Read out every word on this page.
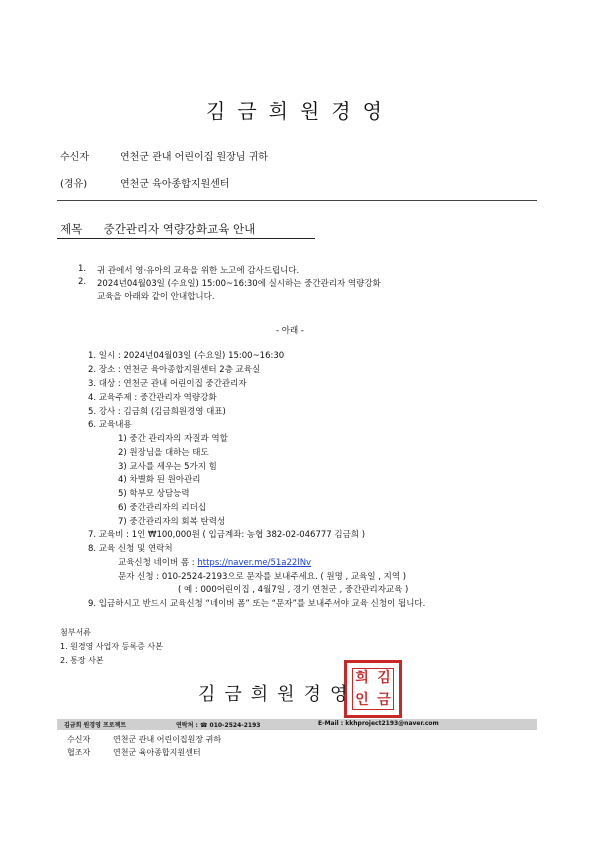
김금희원경영
수신자	연천군 관내 어린이집 원장님 귀하
(경유)	연천군 육아종합지원센터
제목 중간관리자 역량강화교육 안내
1. 귀 관에서 영·유아의 교육을 위한 노고에 감사드립니다.
2. 2024년04월03일 (수요일) 15:00~16:30에 실시하는 중간관리자 역량강화
교육을 아래와 같이 안내합니다.
- 아래 -
1. 일시 : 2024년04월03일 (수요일) 15:00~16:30
2. 장소 : 연천군 육아종합지원센터 2층 교육실
3. 대상 : 연천군 관내 어린이집 중간관리자
4. 교육주제 : 중간관리자 역량강화
5. 강사 : 김금희 (김금희원경영 대표)
6. 교육내용
1) 중간 관리자의 자질과 역할
2) 원장님을 대하는 태도
3) 교사를 세우는 5가지 힘
4) 차별화 된 원아관리
5) 학부모 상담능력
6) 중간관리자의 리더십
7) 중간관리자의 회복 탄력성
7. 교육비 : 1인 ₩100,000원 ( 입금계좌: 농협 382-02-046777 김금희 )
8. 교육 신청 및 연락처
교육신청 네이버 폼 : https://naver.me/51a22lNv
문자 신청 : 010-2524-2193으로 문자를 보내주세요. ( 원명 , 교육일 , 지역 )
( 예 : 000어린이집 , 4월7일 , 경기 연천군 , 중간관리자교육 )
9. 입금하시고 반드시 교육신청 “네이버 폼” 또는 “문자”를 보내주셔야 교육 신청이 됩니다.
첨부서류
1. 원경영 사업자 등록증 사본
2. 통장 사본
김
금
희
인
김금희원경영
김금희 원경영 프로젝트	연락처 : ☎ 010-2524-2193	E-Mail : kkhproject2193@naver.com
수신자	연천군 관내 어린이집원장 귀하
협조자	연천군 육아종합지원센터
